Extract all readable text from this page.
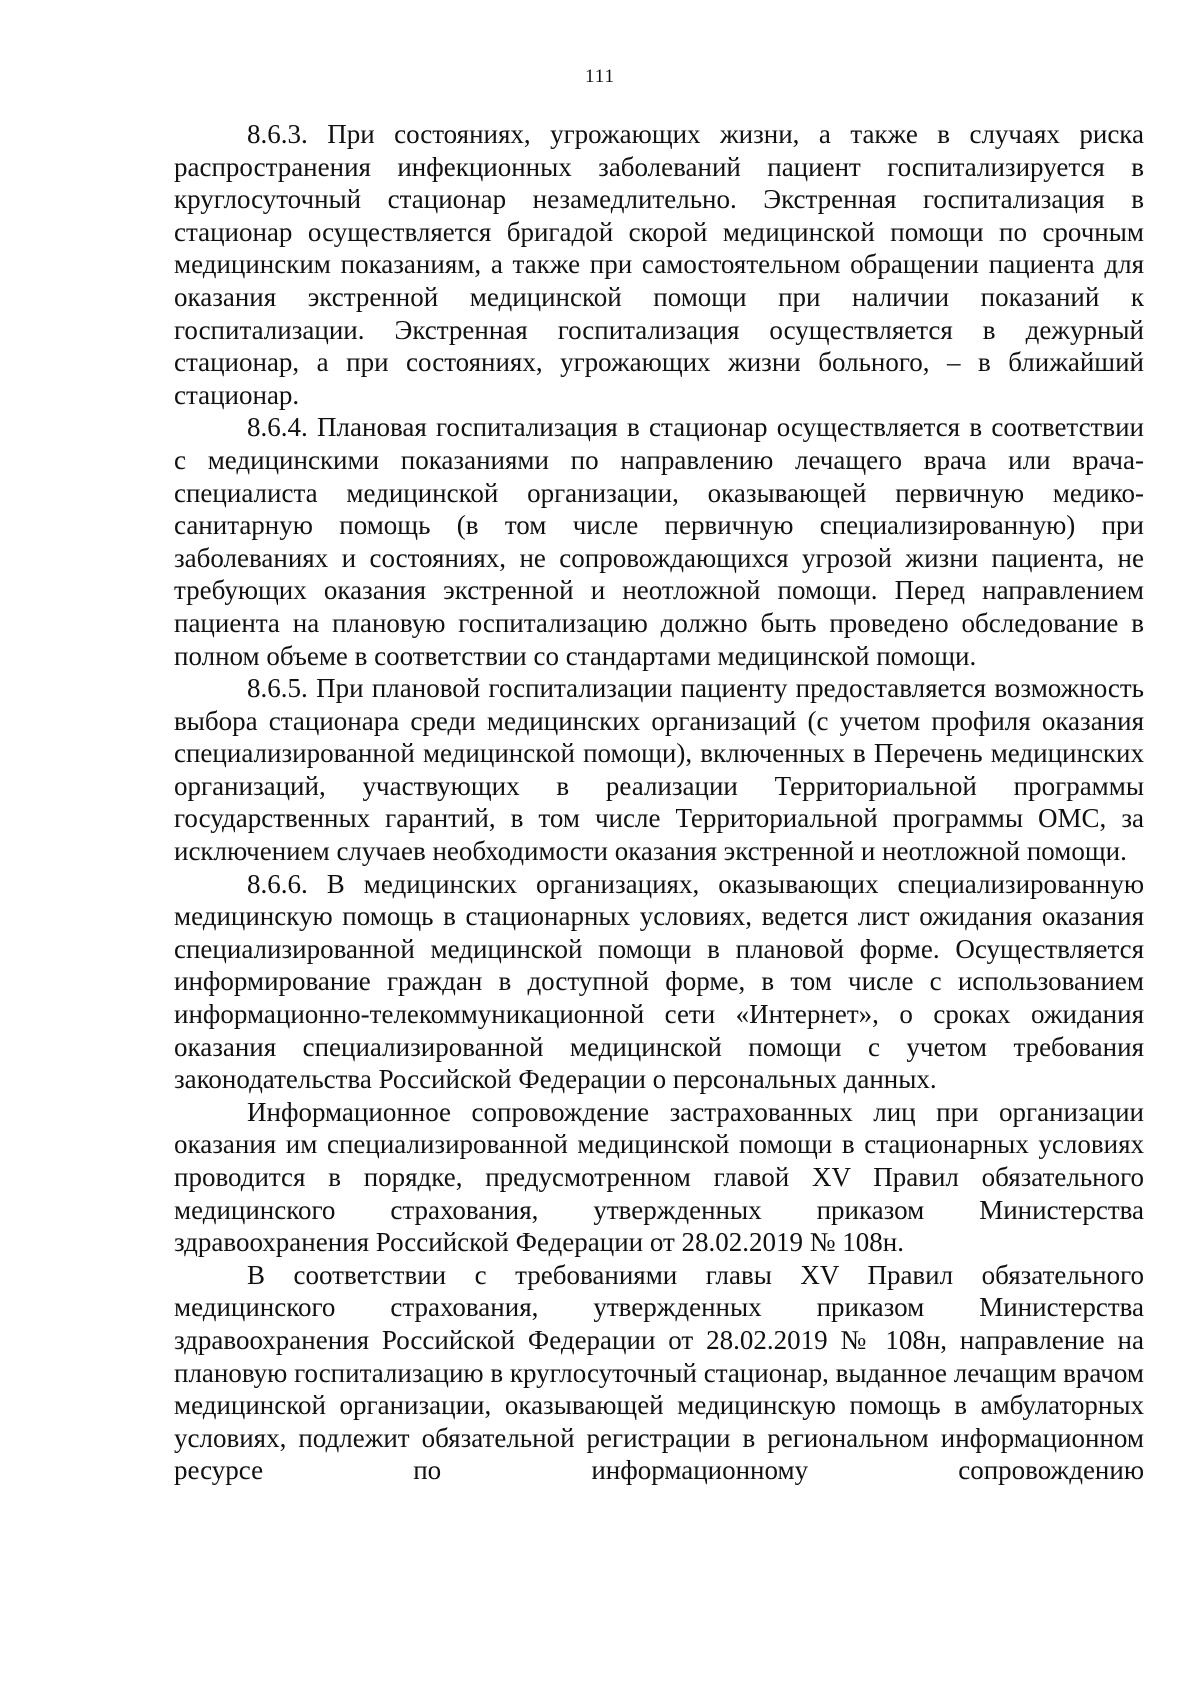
111

8.6.3. При состояниях, угрожающих жизни, а также в случаях риска распространения инфекционных заболеваний пациент госпитализируется в круглосуточный стационар незамедлительно. Экстренная госпитализация в стационар осуществляется бригадой скорой медицинской помощи по срочным медицинским показаниям, а также при самостоятельном обращении пациента для оказания экстренной медицинской помощи при наличии показаний к госпитализации. Экстренная госпитализация осуществляется в дежурный стационар, а при состояниях, угрожающих жизни больного, – в ближайший стационар.

8.6.4. Плановая госпитализация в стационар осуществляется в соответствии с медицинскими показаниями по направлению лечащего врача или врача-специалиста медицинской организации, оказывающей первичную медико-санитарную помощь (в том числе первичную специализированную) при заболеваниях и состояниях, не сопровождающихся угрозой жизни пациента, не требующих оказания экстренной и неотложной помощи. Перед направлением пациента на плановую госпитализацию должно быть проведено обследование в полном объеме в соответствии со стандартами медицинской помощи.

8.6.5. При плановой госпитализации пациенту предоставляется возможность выбора стационара среди медицинских организаций (с учетом профиля оказания специализированной медицинской помощи), включенных в Перечень медицинских организаций, участвующих в реализации Территориальной программы государственных гарантий, в том числе Территориальной программы ОМС, за исключением случаев необходимости оказания экстренной и неотложной помощи.

8.6.6. В медицинских организациях, оказывающих специализированную медицинскую помощь в стационарных условиях, ведется лист ожидания оказания специализированной медицинской помощи в плановой форме. Осуществляется информирование граждан в доступной форме, в том числе с использованием информационно-телекоммуникационной сети «Интернет», о сроках ожидания оказания специализированной медицинской помощи с учетом требования законодательства Российской Федерации о персональных данных.

Информационное сопровождение застрахованных лиц при организации оказания им специализированной медицинской помощи в стационарных условиях проводится в порядке, предусмотренном главой XV Правил обязательного медицинского страхования, утвержденных приказом Министерства здравоохранения Российской Федерации от 28.02.2019 № 108н.

В соответствии с требованиями главы XV Правил обязательного медицинского страхования, утвержденных приказом Министерства здравоохранения Российской Федерации от 28.02.2019 № 108н, направление на плановую госпитализацию в круглосуточный стационар, выданное лечащим врачом медицинской организации, оказывающей медицинскую помощь в амбулаторных условиях, подлежит обязательной регистрации в региональном информационном ресурсе по информационному сопровождению
